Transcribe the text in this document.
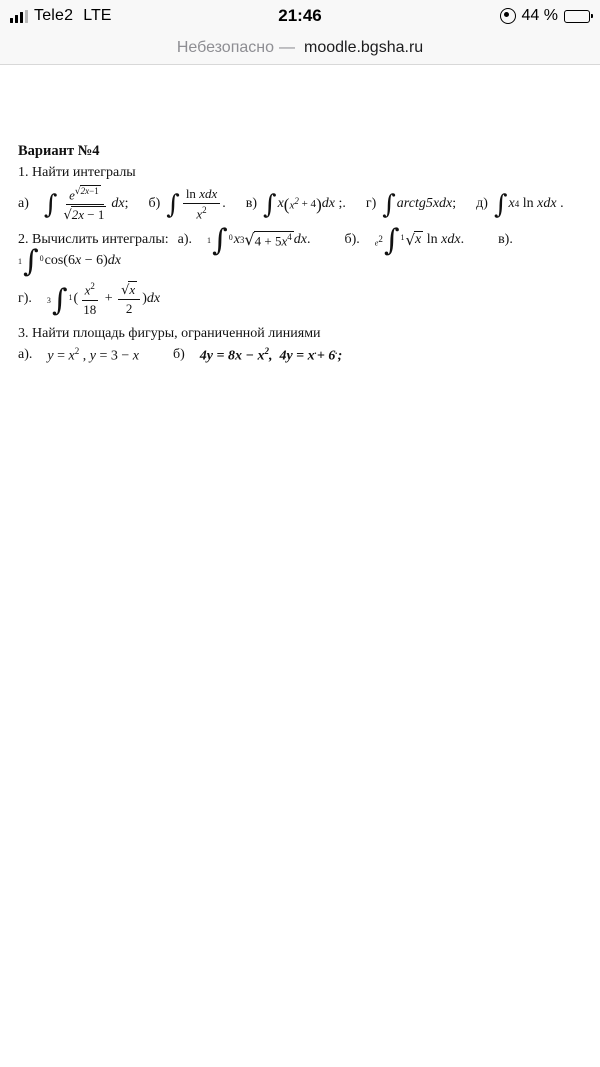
Tele2 LTE	21:46	44 %
Небезопасно — moodle.bgsha.ru
Вариант №4
1. Найти интегралы
а) ∫ $\frac{e^{√2x-1}}{√2x - 1}$ dx ; б) ∫ $\frac{\text{ln xdx}}{x^2}$ . в) ∫ x ( $x^2 + 4$ ) dx ;. г) ∫ arctg 5xdx ; д) ∫ x 4 ln xdx .
2. Вычислить интегралы: а). 1 ∫ 0 x 3 √ $4 + 5x^4$ dx . б). $e^2$ ∫ 1 √ x ln xdx . в).
1 ∫ 0 cos(6 x − 6) dx
г). 3 ∫ 1 ( $\frac{x^2}{18} + \frac{√x}{2}$ ) dx
3. Найти площадь фигуры, ограниченной линиями
а). $y = x^2$ , y = 3 − x б) $4y = 8x - x^2$,  4y = x.+ 6.;
